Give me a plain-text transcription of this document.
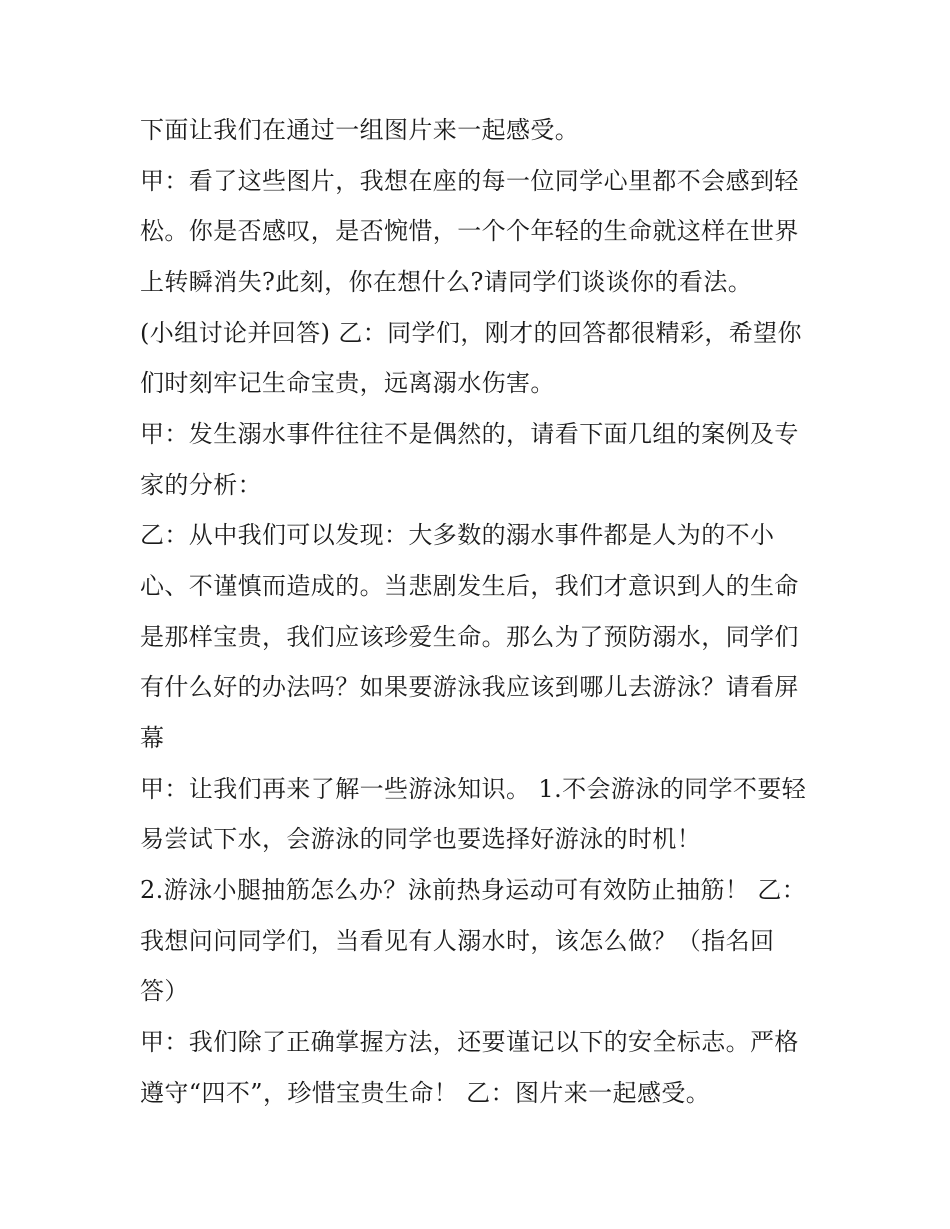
下面让我们在通过一组图片来一起感受。
甲：看了这些图片，我想在座的每一位同学心里都不会感到轻
松。你是否感叹，是否惋惜，一个个年轻的生命就这样在世界
上转瞬消失?此刻，你在想什么?请同学们谈谈你的看法。
(小组讨论并回答) 乙：同学们，刚才的回答都很精彩，希望你
们时刻牢记生命宝贵，远离溺水伤害。
甲：发生溺水事件往往不是偶然的，请看下面几组的案例及专
家的分析：
乙：从中我们可以发现：大多数的溺水事件都是人为的不小
心、不谨慎而造成的。当悲剧发生后，我们才意识到人的生命
是那样宝贵，我们应该珍爱生命。那么为了预防溺水，同学们
有什么好的办法吗？如果要游泳我应该到哪儿去游泳？请看屏
幕
甲：让我们再来了解一些游泳知识。 1.不会游泳的同学不要轻
易尝试下水，会游泳的同学也要选择好游泳的时机！
2.游泳小腿抽筋怎么办？泳前热身运动可有效防止抽筋！ 乙：
我想问问同学们，当看见有人溺水时，该怎么做？（指名回
答）
甲：我们除了正确掌握方法，还要谨记以下的安全标志。严格
遵守“四不”，珍惜宝贵生命！ 乙：图片来一起感受。
